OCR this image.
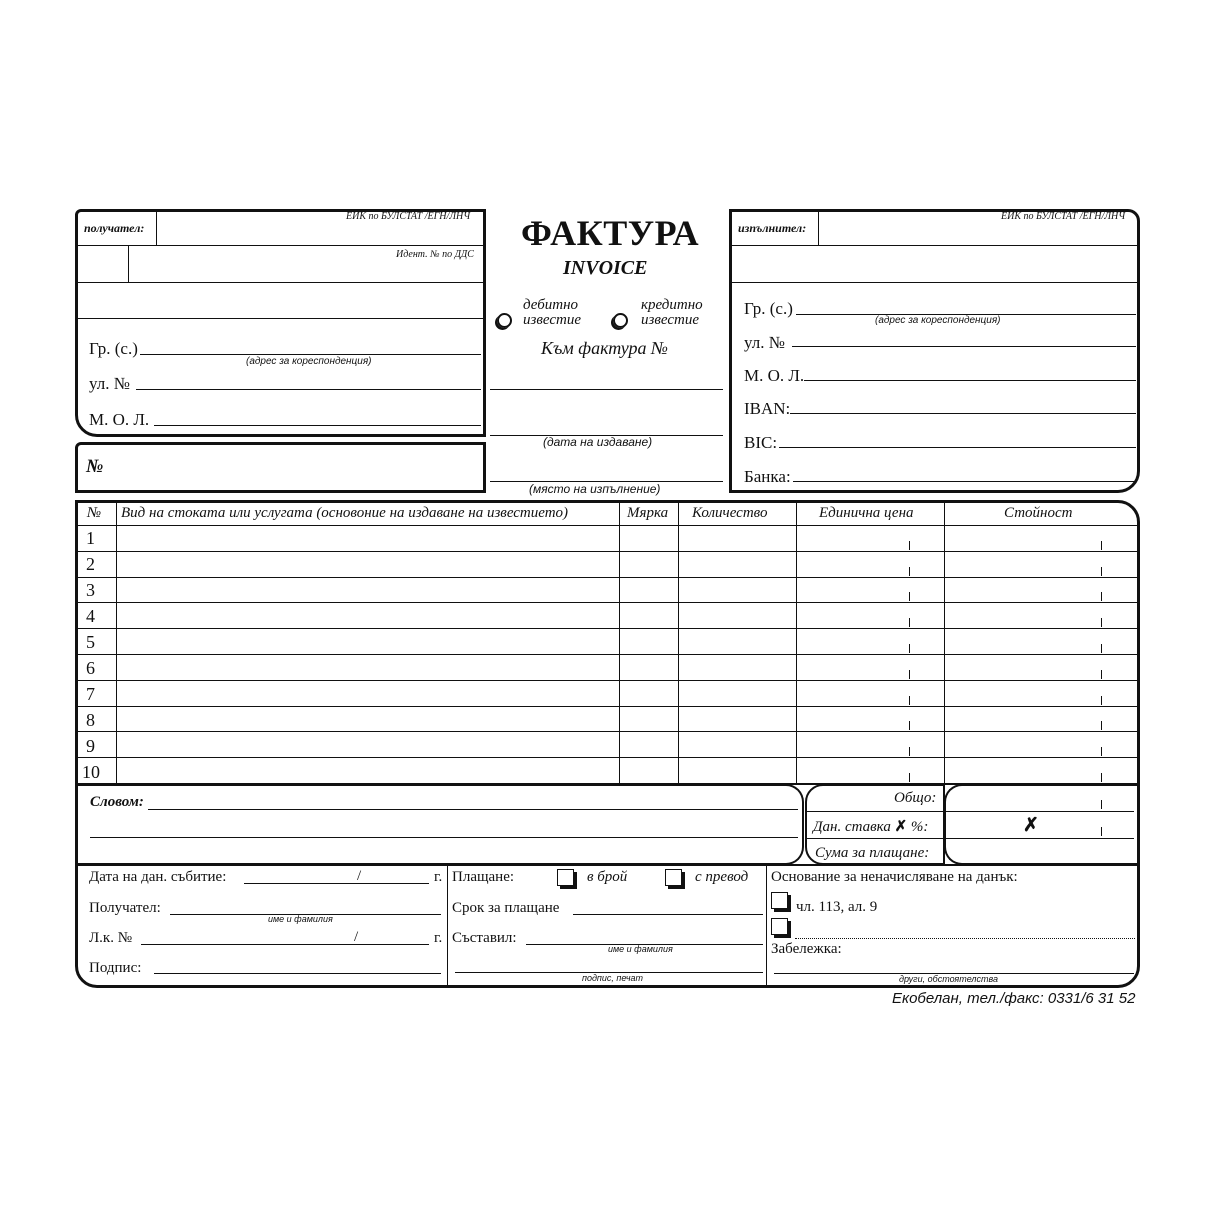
получател:
ЕИК по БУЛСТАТ /ЕГН/ЛНЧ
Идент. № по ДДС
Гр. (с.)
(адрес за кореспонденция)
ул. №
М. О. Л.
№
ФАКТУРА
INVOICE
дебитно
известие
кредитно
известие
Към фактура №
(дата на издаване)
(място на изпълнение)
изпълнител:
ЕИК по БУЛСТАТ /ЕГН/ЛНЧ
Гр. (с.)
(адрес за кореспонденция)
ул. №
М. О. Л.
IBAN:
BIC:
Банка:
№ Вид на стоката или услугата (основоние на издаване на известието)	Мярка Количество	Единична цена	Стойност
1
2
3
4
5
6
7
8
9
10
Словом:	Общо:
Дан. ставка ✗ %:
Сума за плащане:
✗
Дата на дан. събитие:	/	г.
Получател:
име и фамилия
Л.к. №	/	г.
Подпис:
Плащане:	в брой	с превод
Срок за плащане
Съставил:
име и фамилия
подпис, печат
Основание за неначисляване на данък:
чл. 113, ал. 9
Забележка:
други, обстоятелства
Екобелан, тел./факс: 0331/6 31 52
